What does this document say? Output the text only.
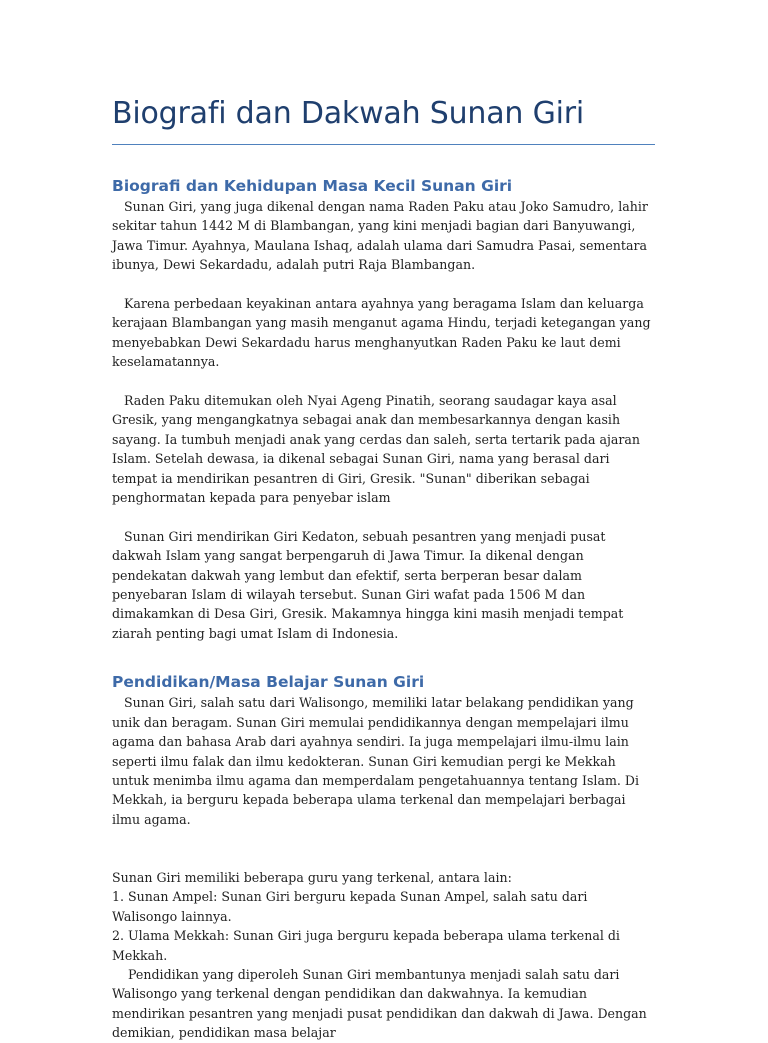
Biografi dan Dakwah Sunan Giri
Biografi dan Kehidupan Masa Kecil Sunan Giri

Sunan Giri, yang juga dikenal dengan nama Raden Paku atau Joko Samudro, lahir sekitar tahun 1442 M di Blambangan, yang kini menjadi bagian dari Banyuwangi, Jawa Timur. Ayahnya, Maulana Ishaq, adalah ulama dari Samudra Pasai, sementara ibunya, Dewi Sekardadu, adalah putri Raja Blambangan.

Karena perbedaan keyakinan antara ayahnya yang beragama Islam dan keluarga kerajaan Blambangan yang masih menganut agama Hindu, terjadi ketegangan yang menyebabkan Dewi Sekardadu harus menghanyutkan Raden Paku ke laut demi keselamatannya.

Raden Paku ditemukan oleh Nyai Ageng Pinatih, seorang saudagar kaya asal Gresik, yang mengangkatnya sebagai anak dan membesarkannya dengan kasih sayang. Ia tumbuh menjadi anak yang cerdas dan saleh, serta tertarik pada ajaran Islam. Setelah dewasa, ia dikenal sebagai Sunan Giri, nama yang berasal dari tempat ia mendirikan pesantren di Giri, Gresik. "Sunan" diberikan sebagai penghormatan kepada para penyebar islam

Sunan Giri mendirikan Giri Kedaton, sebuah pesantren yang menjadi pusat dakwah Islam yang sangat berpengaruh di Jawa Timur. Ia dikenal dengan pendekatan dakwah yang lembut dan efektif, serta berperan besar dalam penyebaran Islam di wilayah tersebut. Sunan Giri wafat pada 1506 M dan dimakamkan di Desa Giri, Gresik. Makamnya hingga kini masih menjadi tempat ziarah penting bagi umat Islam di Indonesia.

Pendidikan/Masa Belajar Sunan Giri

Sunan Giri, salah satu dari Walisongo, memiliki latar belakang pendidikan yang unik dan beragam. Sunan Giri memulai pendidikannya dengan mempelajari ilmu agama dan bahasa Arab dari ayahnya sendiri. Ia juga mempelajari ilmu-ilmu lain seperti ilmu falak dan ilmu kedokteran. Sunan Giri kemudian pergi ke Mekkah untuk menimba ilmu agama dan memperdalam pengetahuannya tentang Islam. Di Mekkah, ia berguru kepada beberapa ulama terkenal dan mempelajari berbagai ilmu agama.

Sunan Giri memiliki beberapa guru yang terkenal, antara lain:

1. Sunan Ampel: Sunan Giri berguru kepada Sunan Ampel, salah satu dari Walisongo lainnya.

2. Ulama Mekkah: Sunan Giri juga berguru kepada beberapa ulama terkenal di Mekkah.

Pendidikan yang diperoleh Sunan Giri membantunya menjadi salah satu dari Walisongo yang terkenal dengan pendidikan dan dakwahnya. Ia kemudian mendirikan pesantren yang menjadi pusat pendidikan dan dakwah di Jawa. Dengan demikian, pendidikan masa belajar
